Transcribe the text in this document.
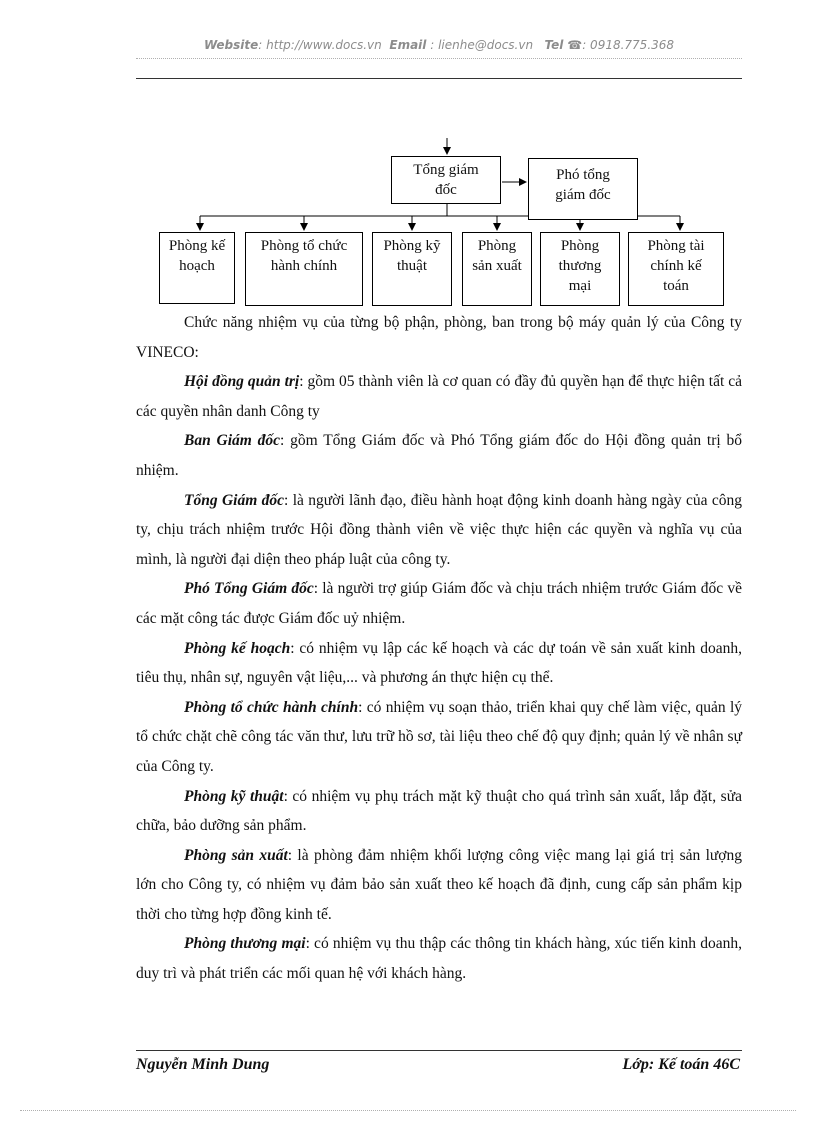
Website: http://www.docs.vn Email : lienhe@docs.vn Tel ☎: 0918.775.368
Tổng giám đốc
Phó tổng giám đốc
Phòng kế hoạch
Phòng tổ chức hành chính
Phòng kỹ thuật
Phòng sản xuất
Phòng thương mại
Phòng tài chính kế toán

Chức năng nhiệm vụ của từng bộ phận, phòng, ban trong bộ máy quản lý của Công ty VINECO:

Hội đồng quản trị: gồm 05 thành viên là cơ quan có đầy đủ quyền hạn để thực hiện tất cả các quyền nhân danh Công ty

Ban Giám đốc: gồm Tổng Giám đốc và Phó Tổng giám đốc do Hội đồng quản trị bổ nhiệm.

Tổng Giám đốc: là người lãnh đạo, điều hành hoạt động kinh doanh hàng ngày của công ty, chịu trách nhiệm trước Hội đồng thành viên về việc thực hiện các quyền và nghĩa vụ của mình, là người đại diện theo pháp luật của công ty.

Phó Tổng Giám đốc: là người trợ giúp Giám đốc và chịu trách nhiệm trước Giám đốc về các mặt công tác được Giám đốc uỷ nhiệm.

Phòng kế hoạch: có nhiệm vụ lập các kế hoạch và các dự toán về sản xuất kinh doanh, tiêu thụ, nhân sự, nguyên vật liệu,... và phương án thực hiện cụ thể.

Phòng tổ chức hành chính: có nhiệm vụ soạn thảo, triển khai quy chế làm việc, quản lý tổ chức chặt chẽ công tác văn thư, lưu trữ hồ sơ, tài liệu theo chế độ quy định; quản lý về nhân sự của Công ty.

Phòng kỹ thuật: có nhiệm vụ phụ trách mặt kỹ thuật cho quá trình sản xuất, lắp đặt, sửa chữa, bảo dưỡng sản phẩm.

Phòng sản xuất: là phòng đảm nhiệm khối lượng công việc mang lại giá trị sản lượng lớn cho Công ty, có nhiệm vụ đảm bảo sản xuất theo kế hoạch đã định, cung cấp sản phẩm kịp thời cho từng hợp đồng kinh tế.

Phòng thương mại: có nhiệm vụ thu thập các thông tin khách hàng, xúc tiến kinh doanh, duy trì và phát triển các mối quan hệ với khách hàng.

Nguyễn Minh Dung	Lớp: Kế toán 46C
